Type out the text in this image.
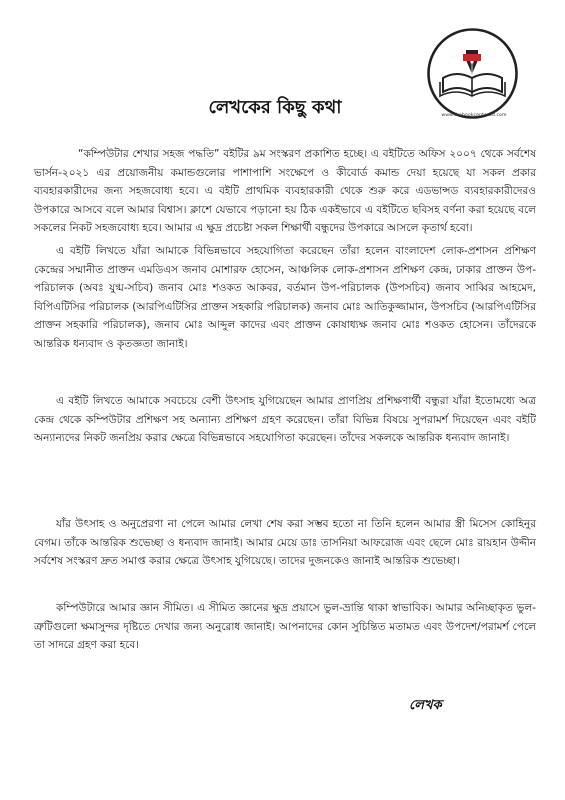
www.thebookcenterbd.com
লেখকের কিছু কথা

“কম্পিউটার শেখার সহজ পদ্ধতি” বইটির ৯ম সংস্করণ প্রকাশিত হচ্ছে। এ বইটিতে অফিস ২০০৭ থেকে সর্বশেষ ভার্সন-২০২১ এর প্রয়োজনীয় কমান্ডগুলোর পাশাপাশি সংক্ষেপে ও কীবোর্ড কমান্ড দেয়া হয়েছে যা সকল প্রকার ব্যবহারকারীদের জন্য সহজবোধ্য হবে। এ বইটি প্রাথমিক ব্যবহারকারী থেকে শুরু করে এডভান্সড ব্যবহারকারীদেরও উপকারে আসবে বলে আমার বিশ্বাস। ক্লাশে যেভাবে পড়ানো হয় ঠিক একইভাবে এ বইটিতে ছবিসহ বর্ণনা করা হয়েছে বলে সকলের নিকট সহজবোধ্য হবে। আমার এ ক্ষুদ্র প্রচেষ্টা সকল শিক্ষার্থী বন্ধুদের উপকারে আসলে কৃতার্থ হবো।

এ বইটি লিখতে যাঁরা আমাকে বিভিন্নভাবে সহযোগিতা করেছেন তাঁরা হলেন বাংলাদেশ লোক-প্রশাসন প্রশিক্ষণ কেন্দ্রের সম্মানীত প্রাক্তন এমডিএস জনাব মোশারফ হোসেন, আঞ্চলিক লোক-প্রশাসন প্রশিক্ষণ কেন্দ্র, ঢাকার প্রাক্তন উপ-পরিচালক (অবঃ যুগ্ম-সচিব) জনাব মোঃ শওকত আকবর, বর্তমান উপ-পরিচালক (উপসচিব) জনাব সাব্বির আহমেদ, বিপিএটিসির পরিচালক (আরপিএটিসির প্রাক্তন সহকারি পরিচালক) জনাব মোঃ আতিকুজ্জামান, উপসচিব (আরপিএটিসির প্রাক্তন সহকারি পরিচালক), জনাব মোঃ আব্দুল কাদের এবং প্রাক্তন কোষাধ্যক্ষ জনাব মোঃ শওকত হোসেন। তাঁদেরকে আন্তরিক ধন্যবাদ ও কৃতজ্ঞতা জানাই।

এ বইটি লিখতে আমাকে সবচেয়ে বেশী উৎসাহ যুগিয়েছেন আমার প্রাণপ্রিয় প্রশিক্ষণার্থী বন্ধুরা যাঁরা ইতোমধ্যে অত্র কেন্দ্র থেকে কম্পিউটার প্রশিক্ষণ সহ অন্যান্য প্রশিক্ষণ গ্রহণ করেছেন। তাঁরা বিভিন্ন বিষয়ে সুপরামর্শ দিয়েছেন এবং বইটি অন্যান্যদের নিকট জনপ্রিয় করার ক্ষেত্রে বিভিন্নভাবে সহযোগিতা করেছেন। তাঁদের সকলকে আন্তরিক ধন্যবাদ জানাই।

যাঁর উৎসাহ ও অনুপ্রেরণা না পেলে আমার লেখা শেষ করা সম্ভব হতো না তিনি হলেন আমার স্ত্রী মিসেস কোহিনুর বেগম। তাঁকে আন্তরিক শুভেচ্ছা ও ধন্যবাদ জানাই। আমার মেয়ে ডাঃ তাসনিয়া আফরোজ এবং ছেলে মোঃ রায়হান উদ্দীন সর্বশেষ সংস্করণ দ্রুত সমাপ্ত করার ক্ষেত্রে উৎসাহ যুগিয়েছে। তাদের দুজনকেও জানাই আন্তরিক শুভেচ্ছা।

কম্পিউটারে আমার জ্ঞান সীমিত। এ সীমিত জ্ঞানের ক্ষুদ্র প্রয়াসে ভুল-ভ্রান্তি থাকা স্বাভাবিক। আমার অনিচ্ছাকৃত ভুল-ত্রুটিগুলো ক্ষমাসুন্দর দৃষ্টিতে দেখার জন্য অনুরোধ জানাই। আপনাদের কোন সুচিন্তিত মতামত এবং উপদেশ/পরামর্শ পেলে তা সাদরে গ্রহণ করা হবে।

লেখক
